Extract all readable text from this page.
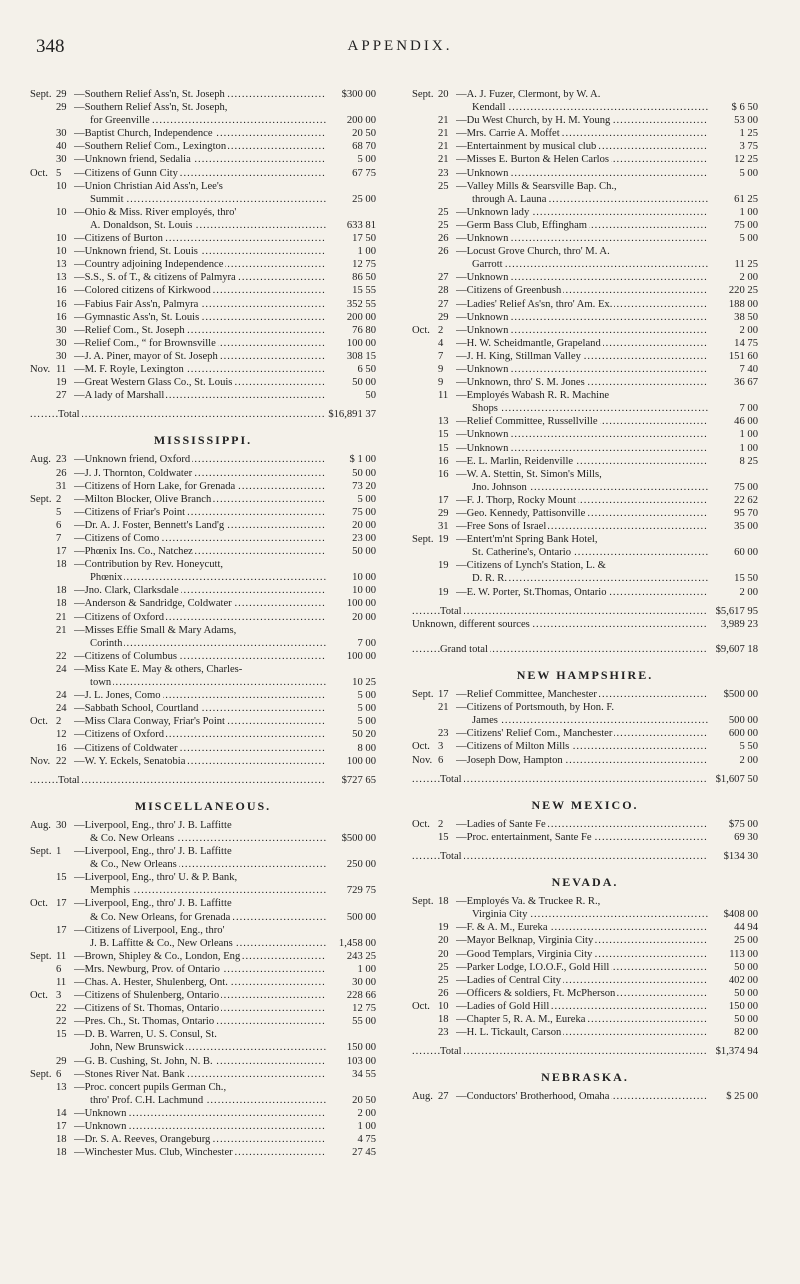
348	APPENDIX.
Sept. 29 —Southern Relief Ass'n, St. Joseph .....	$300 00
29 —Southern Relief Ass'n, St. Joseph,
for Greenville .....	200 00
30 —Baptist Church, Independence .....	20 50
40 —Southern Relief Com., Lexington .....	68 70
30 —Unknown friend, Sedalia .....	5 00
Oct. 5	—Citizens of Gunn City .....	67 75
10 —Union Christian Aid Ass'n, Lee's
Summit .....	25 00
10 —Ohio & Miss. River employés, thro'
A. Donaldson, St. Louis .....	633 81
10 —Citizens of Burton .....	17 50
10 —Unknown friend, St. Louis .....	1 00
13 —Country adjoining Independence .....	12 75
13 —S.S., S. of T., & citizens of Palmyra .....	86 50
16 —Colored citizens of Kirkwood .....	15 55
16 —Fabius Fair Ass'n, Palmyra .....	352 55
16 —Gymnastic Ass'n, St. Louis .....	200 00
30 —Relief Com., St. Joseph .....	76 80
30 —Relief Com., “ for Brownsville .....	100 00
30 —J. A. Piner, mayor of St. Joseph .....	308 15
Nov. 11 —M. F. Royle, Lexington .....	6 50
19 —Great Western Glass Co., St. Louis .....	50 00
27 —A lady of Marshall .....	50
Total .....	$16,891 37
MISSISSIPPI.
Aug. 23 —Unknown friend, Oxford .....	$ 1 00
26 —J. J. Thornton, Coldwater .....	50 00
31 —Citizens of Horn Lake, for Grenada .....	73 20
Sept. 2	—Milton Blocker, Olive Branch .....	5 00
5	—Citizens of Friar's Point .....	75 00
6	—Dr. A. J. Foster, Bennett's Land'g .....	20 00
7	—Citizens of Como .....	23 00
17 —Phœnix Ins. Co., Natchez .....	50 00
18 —Contribution by Rev. Honeycutt,
Phœnix .....	10 00
18 —Jno. Clark, Clarksdale .....	10 00
18 —Anderson & Sandridge, Coldwater .....	100 00
21 —Citizens of Oxford .....	20 00
21 —Misses Effie Small & Mary Adams,
Corinth .....	7 00
22 —Citizens of Columbus .....	100 00
24 —Miss Kate E. May & others, Charles-
town .....	10 25
24 —J. L. Jones, Como .....	5 00
24 —Sabbath School, Courtland .....	5 00
Oct. 2	—Miss Clara Conway, Friar's Point .....	5 00
12 —Citizens of Oxford .....	50 20
16 —Citizens of Coldwater .....	8 00
Nov. 22 —W. Y. Eckels, Senatobia .....	100 00
Total .....	$727 65
MISCELLANEOUS.
Aug. 30 —Liverpool, Eng., thro' J. B. Laffitte
& Co. New Orleans .....	$500 00
Sept. 1	—Liverpool, Eng., thro' J. B. Laffitte
& Co., New Orleans .....	250 00
15 —Liverpool, Eng., thro' U. & P. Bank,
Memphis .....	729 75
Oct. 17 —Liverpool, Eng., thro' J. B. Laffitte
& Co. New Orleans, for Grenada .....	500 00
17 —Citizens of Liverpool, Eng., thro'
J. B. Laffitte & Co., New Orleans .....	1,458 00
Sept. 11 —Brown, Shipley & Co., London, Eng .....	243 25
6	—Mrs. Newburg, Prov. of Ontario .....	1 00
11 —Chas. A. Hester, Shulenberg, Ont. .....	30 00
Oct. 3	—Citizens of Shulenberg, Ontario .....	228 66
22 —Citizens of St. Thomas, Ontario .....	12 75
22 —Pres. Ch., St. Thomas, Ontario .....	55 00
15 —D. B. Warren, U. S. Consul, St.
John, New Brunswick .....	150 00
29 —G. B. Cushing, St. John, N. B. .....	103 00
Sept. 6	—Stones River Nat. Bank .....	34 55
13 —Proc. concert pupils German Ch.,
thro' Prof. C.H. Lachmund .....	20 50
14 —Unknown .....	2 00
17 —Unknown .....	1 00
18 —Dr. S. A. Reeves, Orangeburg .....	4 75
18 —Winchester Mus. Club, Winchester .....	27 45
Sept. 20 —A. J. Fuzer, Clermont, by W. A.
Kendall .....	$ 6 50
21 —Du West Church, by H. M. Young .....	53 00
21 —Mrs. Carrie A. Moffet .....	1 25
21 —Entertainment by musical club .....	3 75
21 —Misses E. Burton & Helen Carlos .....	12 25
23 —Unknown .....	5 00
25 —Valley Mills & Searsville Bap. Ch.,
through A. Launa .....	61 25
25 —Unknown lady .....	1 00
25 —Germ Bass Club, Effingham .....	75 00
26 —Unknown .....	5 00
26 —Locust Grove Church, thro' M. A.
Garrott .....	11 25
27 —Unknown .....	2 00
28 —Citizens of Greenbush .....	220 25
27 —Ladies' Relief As'sn, thro' Am. Ex. .....	188 00
29 —Unknown .....	38 50
Oct. 2	—Unknown .....	2 00
4	—H. W. Scheidmantle, Grapeland .....	14 75
7	—J. H. King, Stillman Valley .....	151 60
9	—Unknown .....	7 40
9	—Unknown, thro' S. M. Jones .....	36 67
11 —Employés Wabash R. R. Machine
Shops .....	7 00
13 —Relief Committee, Russellville .....	46 00
15 —Unknown .....	1 00
15 —Unknown .....	1 00
16 —E. L. Marlin, Reidenville .....	8 25
16 —W. A. Stettin, St. Simon's Mills,
Jno. Johnson .....	75 00
17 —F. J. Thorp, Rocky Mount .....	22 62
29 —Geo. Kennedy, Pattisonville .....	95 70
31 —Free Sons of Israel .....	35 00
Sept. 19 —Entert'm'nt Spring Bank Hotel,
St. Catherine's, Ontario .....	60 00
19 —Citizens of Lynch's Station, L. &
D. R. R. .....	15 50
19 —E. W. Porter, St.Thomas, Ontario .....	2 00
Total .....	$5,617 95
Unknown, different sources .....	3,989 23
Grand total .....	$9,607 18
NEW HAMPSHIRE.
Sept. 17 —Relief Committee, Manchester .....	$500 00
21 —Citizens of Portsmouth, by Hon. F.
James .....	500 00
23 —Citizens' Relief Com., Manchester .....	600 00
Oct. 3	—Citizens of Milton Mills .....	5 50
Nov. 6	—Joseph Dow, Hampton .....	2 00
Total .....	$1,607 50
NEW MEXICO.
Oct. 2	—Ladies of Sante Fe .....	$75 00
15 —Proc. entertainment, Sante Fe .....	69 30
Total .....	$134 30
NEVADA.
Sept. 18 —Employés Va. & Truckee R. R.,
Virginia City .....	$408 00
19 —F. & A. M., Eureka .....	44 94
20 —Mayor Belknap, Virginia City .....	25 00
20 —Good Templars, Virginia City .....	113 00
25 —Parker Lodge, I.O.O.F., Gold Hill .....	50 00
25 —Ladies of Central City .....	402 00
26 —Officers & soldiers, Ft. McPherson .....	50 00
Oct. 10 —Ladies of Gold Hill .....	150 00
18 —Chapter 5, R. A. M., Eureka .....	50 00
23 —H. L. Tickault, Carson .....	82 00
Total .....	$1,374 94
NEBRASKA.
Aug. 27 —Conductors' Brotherhood, Omaha .....	$ 25 00
